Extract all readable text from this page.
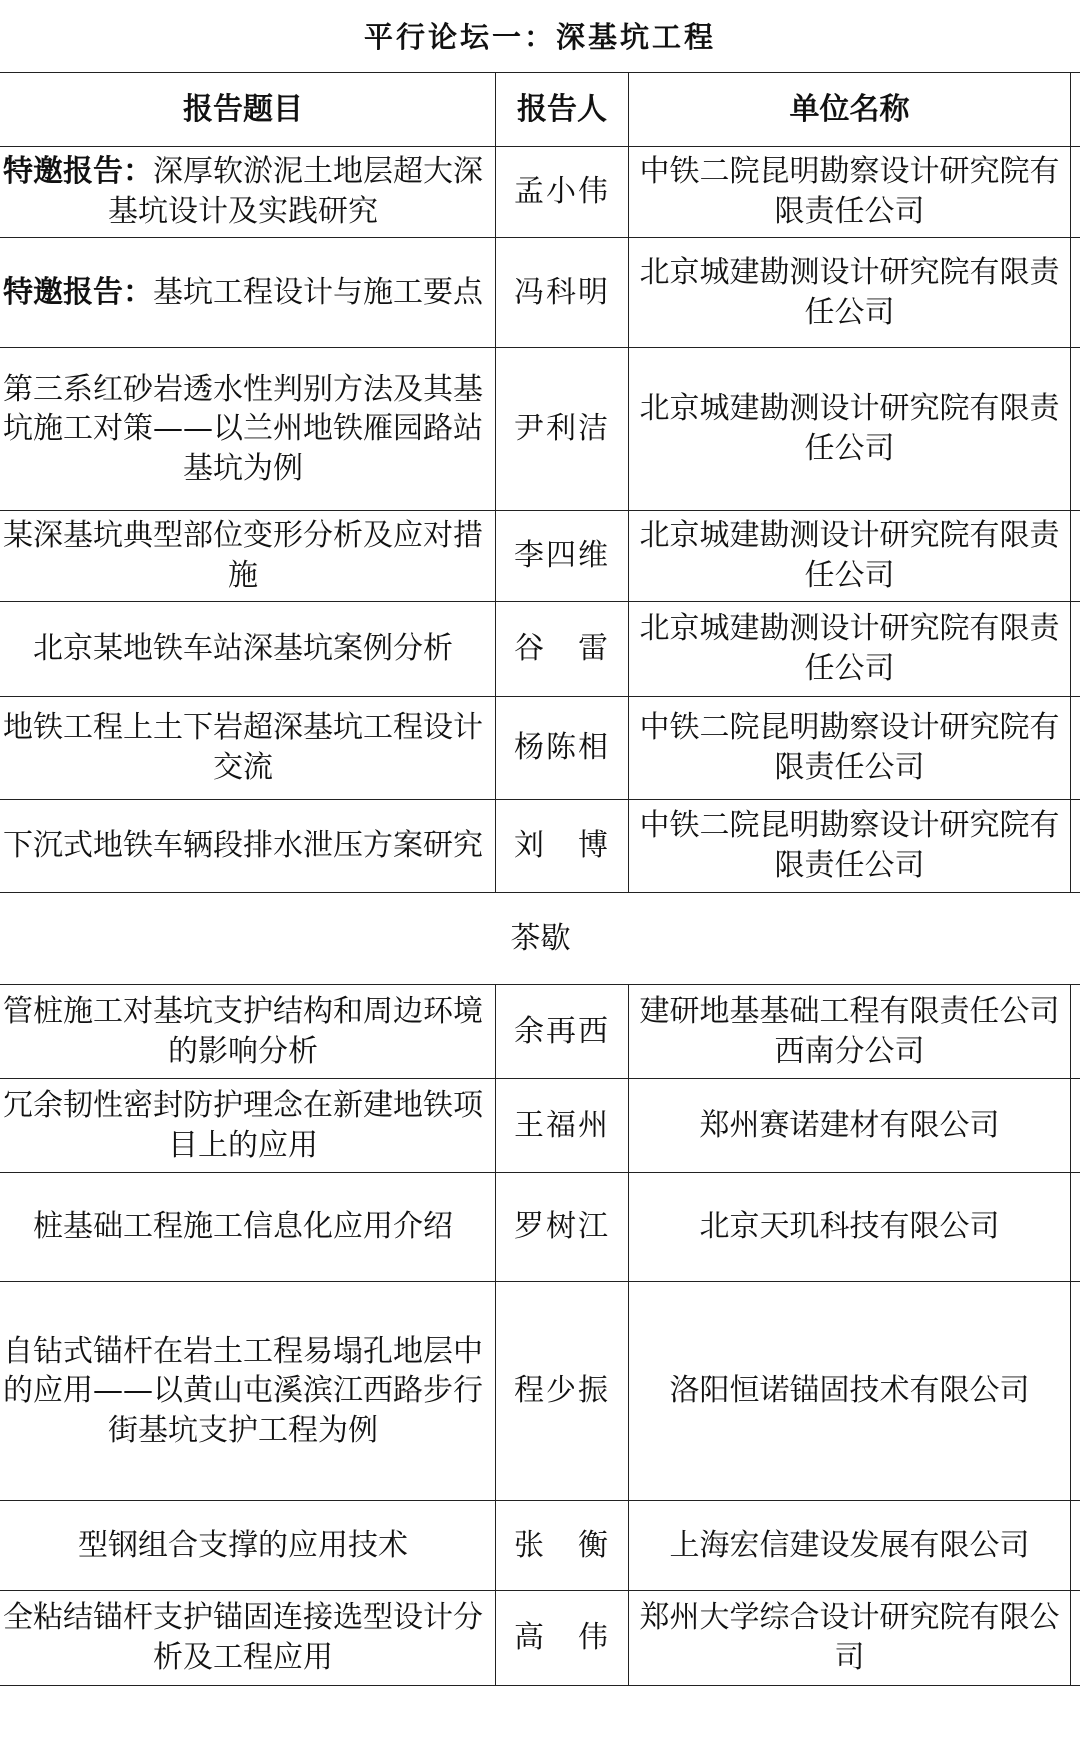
平行论坛一：深基坑工程
报告题目	报告人	单位名称	
特邀报告：深厚软淤泥土地层超大深基坑设计及实践研究	孟小伟	中铁二院昆明勘察设计研究院有限责任公司	
特邀报告：基坑工程设计与施工要点	冯科明	北京城建勘测设计研究院有限责任公司	
第三系红砂岩透水性判别方法及其基坑施工对策——以兰州地铁雁园路站基坑为例	尹利洁	北京城建勘测设计研究院有限责任公司	
某深基坑典型部位变形分析及应对措施	李四维	北京城建勘测设计研究院有限责任公司	
北京某地铁车站深基坑案例分析	谷　雷	北京城建勘测设计研究院有限责任公司	
地铁工程上土下岩超深基坑工程设计交流	杨陈相	中铁二院昆明勘察设计研究院有限责任公司	
下沉式地铁车辆段排水泄压方案研究	刘　博	中铁二院昆明勘察设计研究院有限责任公司	
茶歇			
管桩施工对基坑支护结构和周边环境的影响分析	余再西	建研地基基础工程有限责任公司西南分公司	
冗余韧性密封防护理念在新建地铁项目上的应用	王福州	郑州赛诺建材有限公司	
桩基础工程施工信息化应用介绍	罗树江	北京天玑科技有限公司	
自钻式锚杆在岩土工程易塌孔地层中的应用——以黄山屯溪滨江西路步行街基坑支护工程为例	程少振	洛阳恒诺锚固技术有限公司	
型钢组合支撑的应用技术	张　衡	上海宏信建设发展有限公司	
全粘结锚杆支护锚固连接选型设计分析及工程应用	高　伟	郑州大学综合设计研究院有限公司	
